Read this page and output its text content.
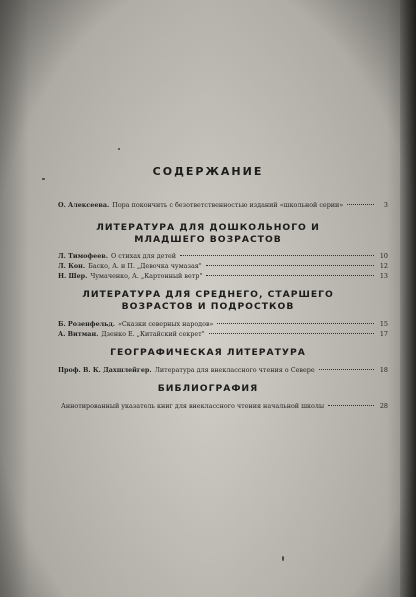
СОДЕРЖАНИЕ
О. Алексеева. Пора покончить с безответственностью изданий «школьной серии»	3
ЛИТЕРАТУРА ДЛЯ ДОШКОЛЬНОГО И
МЛАДШЕГО ВОЗРАСТОВ
Л. Тимофеев. О стихах для детей	10
Л. Кон. Баско, А. и П. „Девочка чумазая"	12
Н. Шер. Чумаченко, А. „Картонный ветр"	13
ЛИТЕРАТУРА ДЛЯ СРЕДНЕГО, СТАРШЕГО
ВОЗРАСТОВ И ПОДРОСТКОВ
Б. Розенфельд. «Сказки северных народов»	15
А. Витман. Дзенко Е. „Китайский секрет"	17
ГЕОГРАФИЧЕСКАЯ ЛИТЕРАТУРА
Проф. В. К. Дахшлейгер. Литература для внеклассного чтения о Севере	18
БИБЛИОГРАФИЯ
Аннотированный указатель книг для внеклассного чтения начальной школы	28
